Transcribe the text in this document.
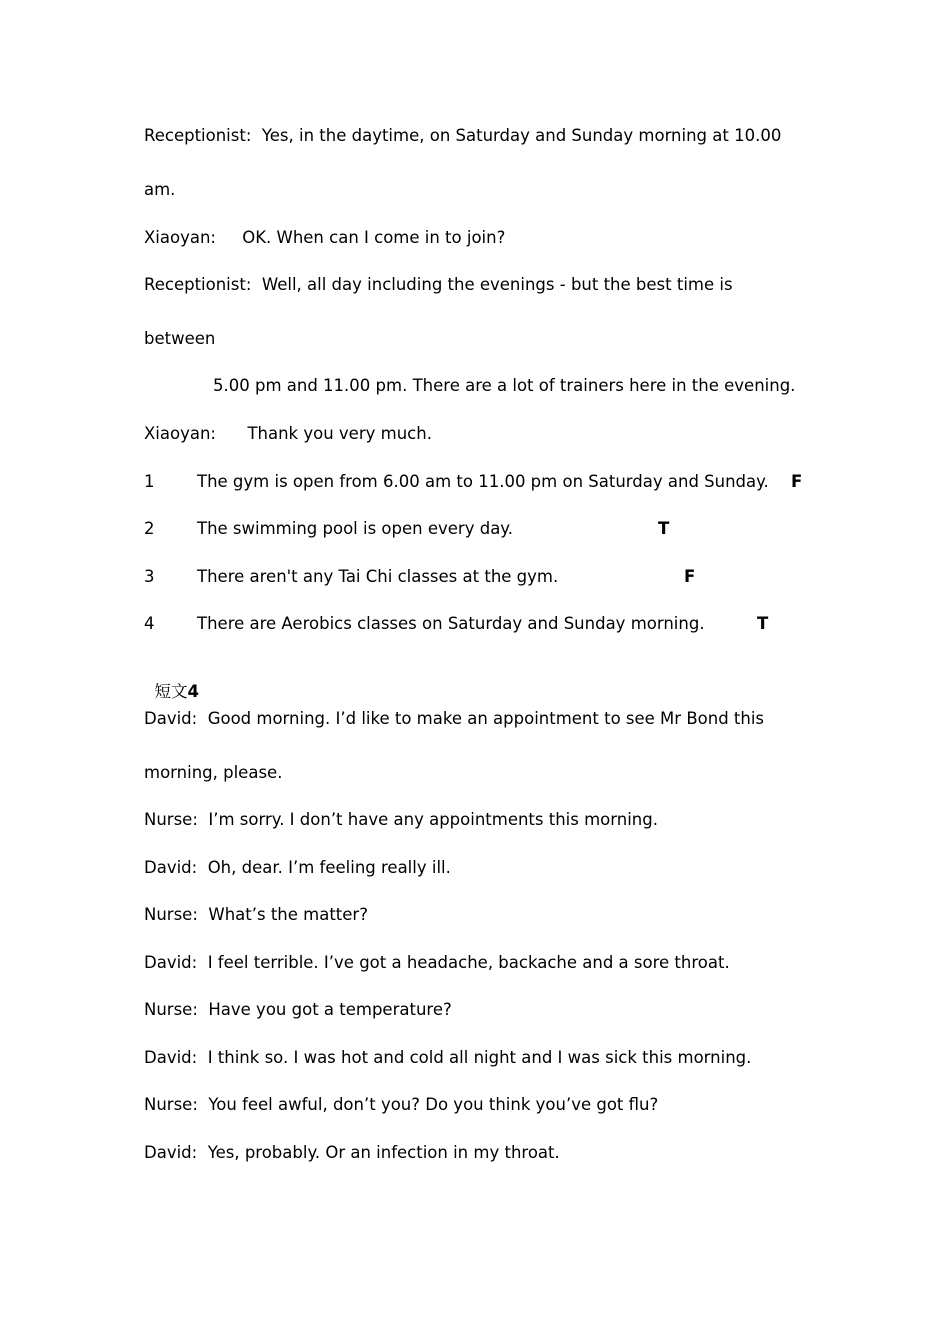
Receptionist:  Yes, in the daytime, on Saturday and Sunday morning at 10.00
am.
Xiaoyan:     OK. When can I come in to join?
Receptionist:  Well, all day including the evenings - but the best time is
between
5.00 pm and 11.00 pm. There are a lot of trainers here in the evening.
Xiaoyan:      Thank you very much.
1	The gym is open from 6.00 am to 11.00 pm on Saturday and Sunday. F
2	The swimming pool is open every day.	T
3	There aren't any Tai Chi classes at the gym.	F
4	There are Aerobics classes on Saturday and Sunday morning.	T

短文4

David:  Good morning. I’d like to make an appointment to see Mr Bond this
morning, please.
Nurse:  I’m sorry. I don’t have any appointments this morning.
David:  Oh, dear. I’m feeling really ill.
Nurse:  What’s the matter?
David:  I feel terrible. I’ve got a headache, backache and a sore throat.
Nurse:  Have you got a temperature?
David:  I think so. I was hot and cold all night and I was sick this morning.
Nurse:  You feel awful, don’t you? Do you think you’ve got flu?
David:  Yes, probably. Or an infection in my throat.
